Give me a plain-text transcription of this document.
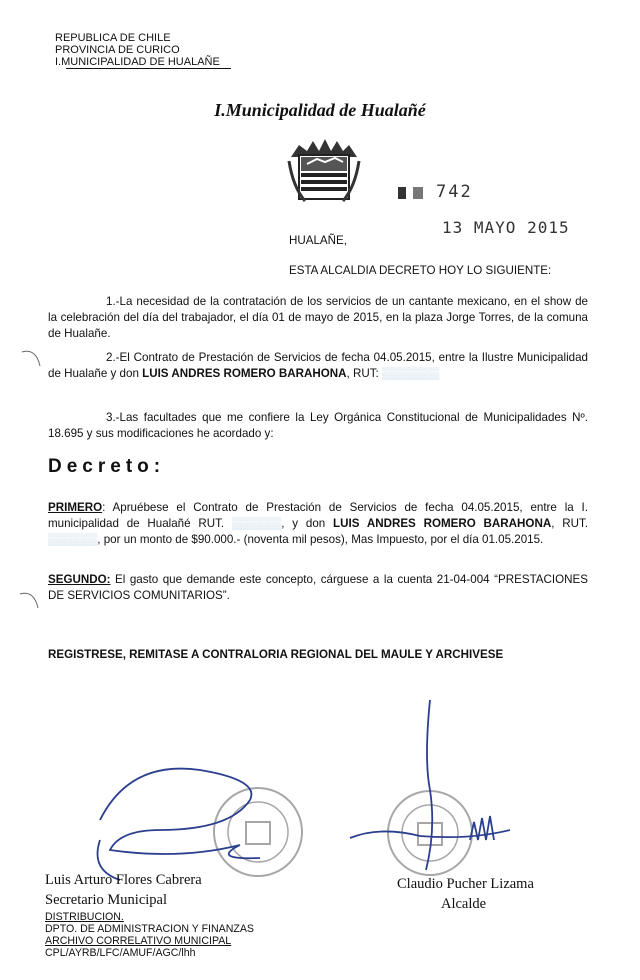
REPUBLICA DE CHILE
PROVINCIA DE CURICO
I.MUNICIPALIDAD DE HUALAÑE
I.Municipalidad de Hualañé
742
13 MAYO 2015
HUALAÑE,
ESTA ALCALDIA DECRETO HOY LO SIGUIENTE:
1.-La necesidad de la contratación de los servicios de un cantante mexicano, en el show de la celebración del día del trabajador, el día 01 de mayo de 2015, en la plaza Jorge Torres, de la comuna de Hualañe.
2.-El Contrato de Prestación de Servicios de fecha 04.05.2015, entre la Ilustre Municipalidad de Hualañe y don LUIS ANDRES ROMERO BARAHONA, RUT: ▒▒▒▒▒▒▒
3.-Las facultades que me confiere la Ley Orgánica Constitucional de Municipalidades Nº. 18.695 y sus modificaciones he acordado y:
Decreto:
PRIMERO: Apruébese el Contrato de Prestación de Servicios de fecha 04.05.2015, entre la I. municipalidad de Hualañé RUT. ▒▒▒▒▒▒, y don LUIS ANDRES ROMERO BARAHONA, RUT. ▒▒▒▒▒▒, por un monto de $90.000.- (noventa mil pesos), Mas Impuesto, por el día 01.05.2015.
SEGUNDO: El gasto que demande este concepto, cárguese a la cuenta 21-04-004 “PRESTACIONES DE SERVICIOS COMUNITARIOS”.
REGISTRESE, REMITASE A CONTRALORIA REGIONAL DEL MAULE Y ARCHIVESE
Luis Arturo Flores Cabrera
Secretario Municipal
Claudio Pucher Lizama
Alcalde
DISTRIBUCION.
DPTO. DE ADMINISTRACION Y FINANZAS
ARCHIVO CORRELATIVO MUNICIPAL
CPL/AYRB/LFC/AMUF/AGC/lhh
